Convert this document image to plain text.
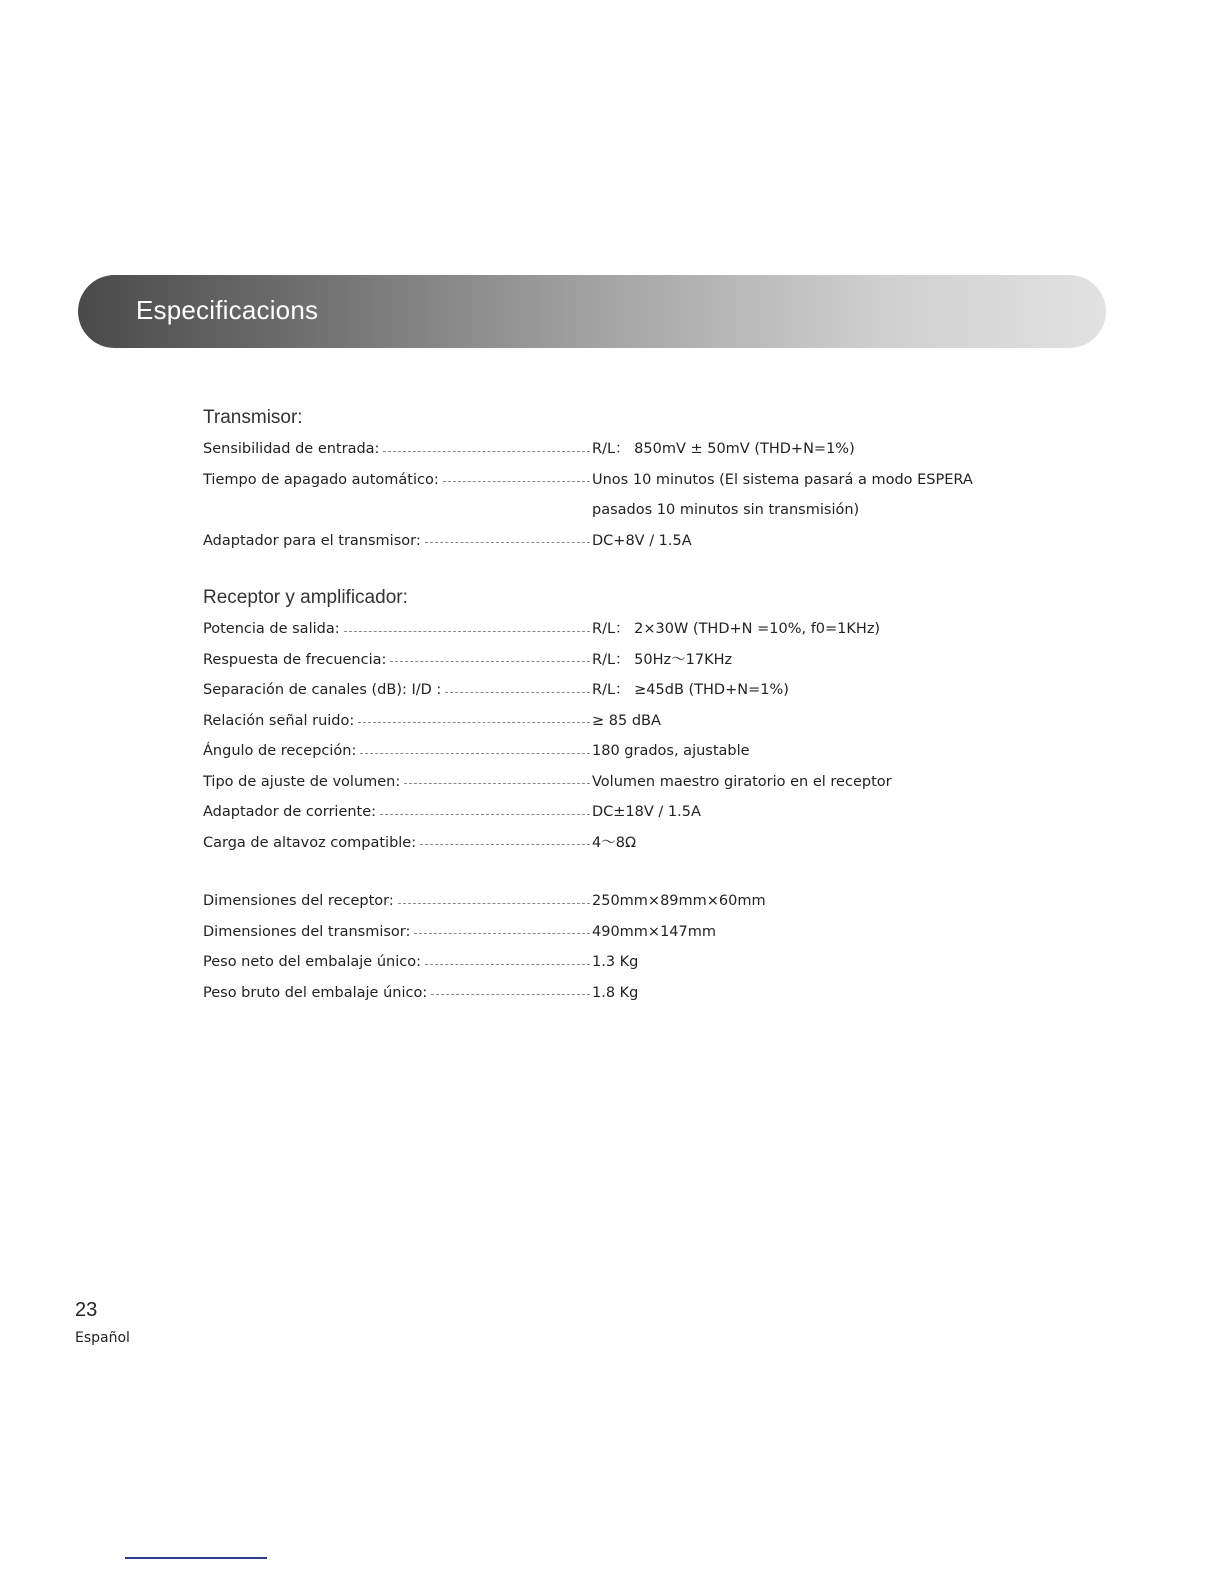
Especificacions
Transmisor:
Sensibilidad de entrada:	R/L： 850mV ± 50mV (THD+N=1%)
Tiempo de apagado automático:	Unos 10 minutos (El sistema pasará a modo ESPERA
pasados 10 minutos sin transmisión)
Adaptador para el transmisor:	DC+8V / 1.5A
Receptor y amplificador:
Potencia de salida:	R/L： 2×30W (THD+N =10%, f0=1KHz)
Respuesta de frecuencia:	R/L： 50Hz～17KHz
Separación de canales (dB): I/D :	R/L： ≥45dB (THD+N=1%)
Relación señal ruido:	≥ 85 dBA
Ángulo de recepción:	180 grados, ajustable
Tipo de ajuste de volumen:	Volumen maestro giratorio en el receptor
Adaptador de corriente:	DC±18V / 1.5A
Carga de altavoz compatible:	4～8Ω
Dimensiones del receptor:	250mm×89mm×60mm
Dimensiones del transmisor:	490mm×147mm
Peso neto del embalaje único:	1.3 Kg
Peso bruto del embalaje único:	1.8 Kg
23
Español
